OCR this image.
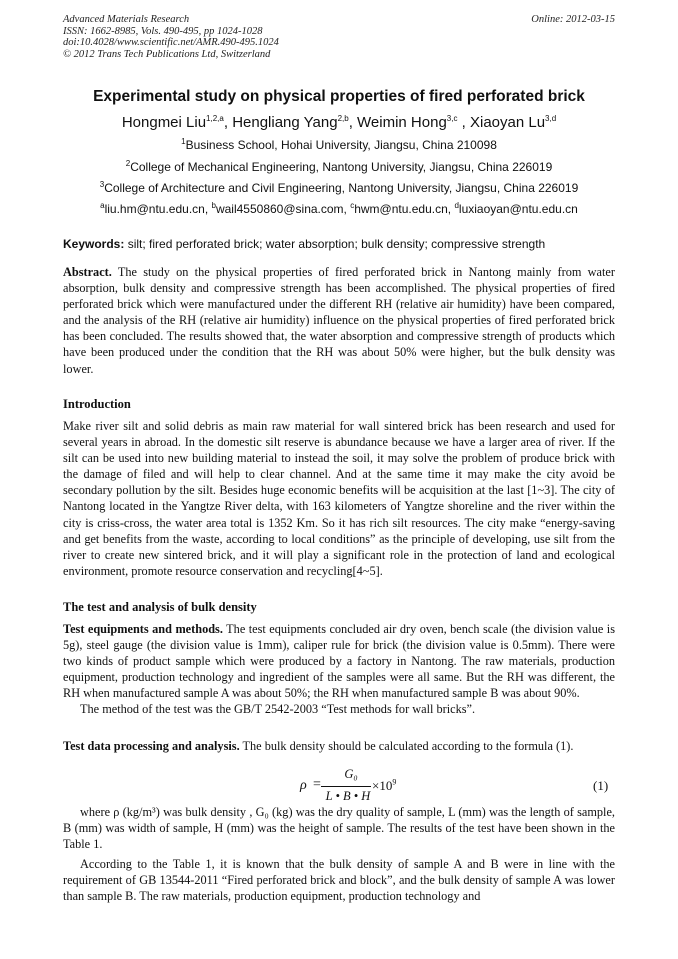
Advanced Materials Research
ISSN: 1662-8985, Vols. 490-495, pp 1024-1028
doi:10.4028/www.scientific.net/AMR.490-495.1024
© 2012 Trans Tech Publications Ltd, Switzerland
Online: 2012-03-15
Experimental study on physical properties of fired perforated brick
Hongmei Liu$^{1,2,a}$, Hengliang Yang$^{2,b}$, Weimin Hong$^{3,c}$ , Xiaoyan Lu$^{3,d}$
$^1$Business School, Hohai University, Jiangsu, China 210098
$^2$College of Mechanical Engineering, Nantong University, Jiangsu, China 226019
$^3$College of Architecture and Civil Engineering, Nantong University, Jiangsu, China 226019
$^a$liu.hm@ntu.edu.cn, $^b$wail4550860@sina.com, $^c$hwm@ntu.edu.cn, $^d$luxiaoyan@ntu.edu.cn
Keywords: silt; fired perforated brick; water absorption; bulk density; compressive strength

Abstract. The study on the physical properties of fired perforated brick in Nantong mainly from water absorption, bulk density and compressive strength has been accomplished. The physical properties of fired perforated brick which were manufactured under the different RH (relative air humidity) have been compared, and the analysis of the RH (relative air humidity) influence on the physical properties of fired perforated brick has been concluded. The results showed that, the water absorption and compressive strength of products which have been produced under the condition that the RH was about 50% were higher, but the bulk density was lower.

Introduction

Make river silt and solid debris as main raw material for wall sintered brick has been research and used for several years in abroad. In the domestic silt reserve is abundance because we have a larger area of river. If the silt can be used into new building material to instead the soil, it may solve the problem of produce brick with the damage of filed and will help to clear channel. And at the same time it may make the city avoid be secondary pollution by the silt. Besides huge economic benefits will be acquisition at the last [1~3]. The city of Nantong located in the Yangtze River delta, with 163 kilometers of Yangtze shoreline and the river within the city is criss-cross, the water area total is 1352 Km. So it has rich silt resources. The city make “energy-saving and get benefits from the waste, according to local conditions” as the principle of developing, use silt from the river to create new sintered brick, and it will play a significant role in the protection of land and ecological environment, promote resource conservation and recycling[4~5].

The test and analysis of bulk density

Test equipments and methods. The test equipments concluded air dry oven, bench scale (the division value is 5g), steel gauge (the division value is 1mm), caliper rule for brick (the division value is 0.5mm). There were two kinds of product sample which were produced by a factory in Nantong. The raw materials, production equipment, production technology and ingredient of the samples were all same. But the RH was different, the RH when manufactured sample A was about 50%; the RH when manufactured sample B was about 90%.

The method of the test was the GB/T 2542-2003 “Test methods for wall bricks”.

Test data processing and analysis. The bulk density should be calculated according to the formula (1).

ρ =
G₀
L • B • H
$\times 10^9$	(1)

where ρ (kg/m³) was bulk density , G₀ (kg) was the dry quality of sample, L (mm) was the length of sample, B (mm) was width of sample, H (mm) was the height of sample. The results of the test have been shown in the Table 1.

According to the Table 1, it is known that the bulk density of sample A and B were in line with the requirement of GB 13544-2011 “Fired perforated brick and block”, and the bulk density of sample A was lower than sample B. The raw materials, production equipment, production technology and
